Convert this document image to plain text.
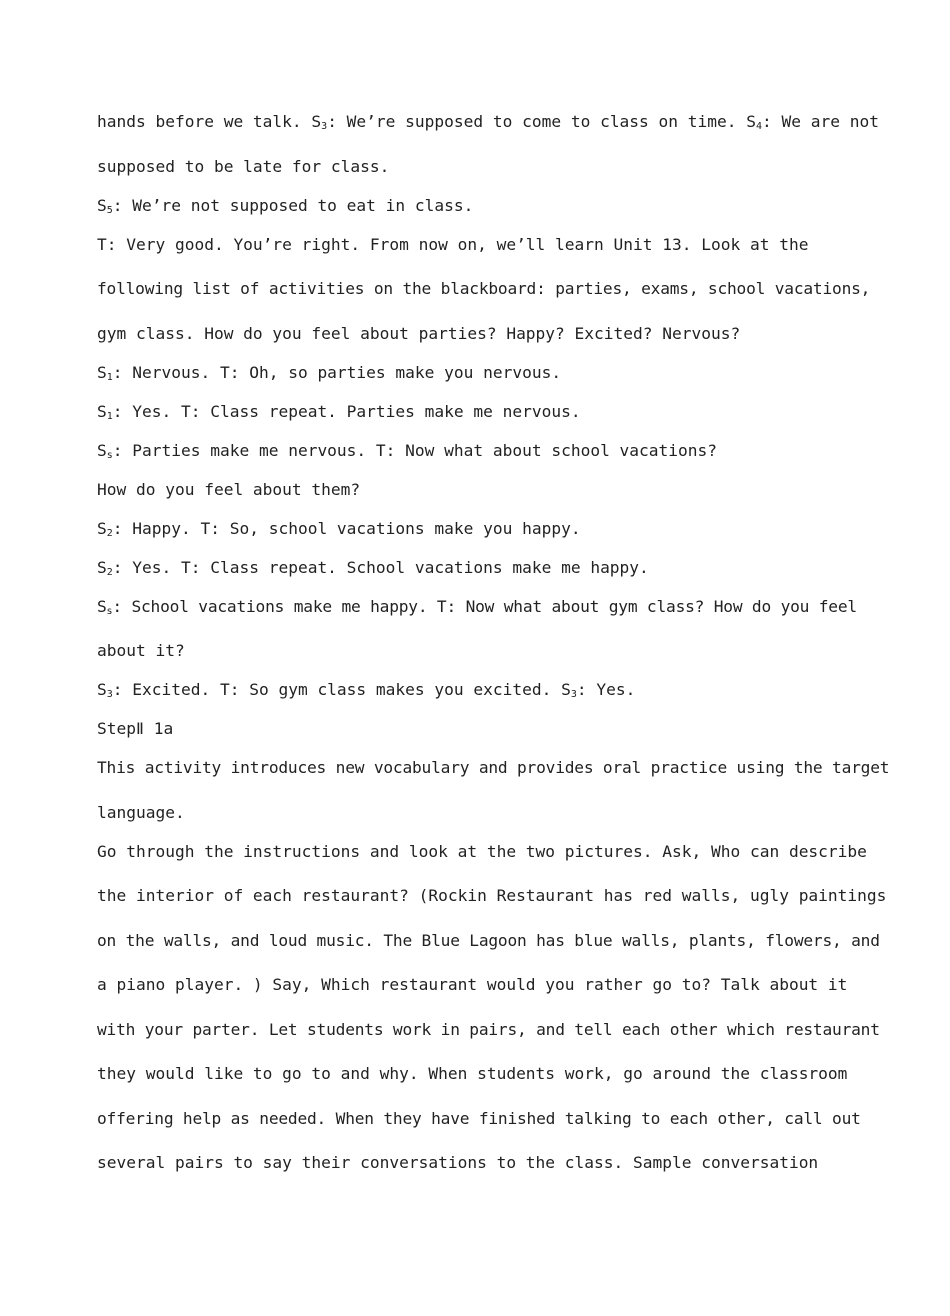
hands before we talk. $S_3$: We’re supposed to come to class on time. $S_4$: We are not
supposed to be late for class.
$S_5$: We’re not supposed to eat in class.
T: Very good. You’re right. From now on, we’ll learn Unit 13. Look at the
following list of activities on the blackboard: parties, exams, school vacations,
gym class. How do you feel about parties? Happy? Excited? Nervous?
$S_1$: Nervous. T: Oh, so parties make you nervous.
$S_1$: Yes. T: Class repeat. Parties make me nervous.
$S_s$: Parties make me nervous. T: Now what about school vacations?
How do you feel about them?
$S_2$: Happy. T: So, school vacations make you happy.
$S_2$: Yes. T: Class repeat. School vacations make me happy.
$S_s$: School vacations make me happy. T: Now what about gym class? How do you feel
about it?
$S_3$: Excited. T: So gym class makes you excited. $S_3$: Yes.
StepⅡ 1a
This activity introduces new vocabulary and provides oral practice using the target
language.
Go through the instructions and look at the two pictures. Ask, Who can describe
the interior of each restaurant? (Rockin Restaurant has red walls, ugly paintings
on the walls, and loud music. The Blue Lagoon has blue walls, plants, flowers, and
a piano player. ) Say, Which restaurant would you rather go to? Talk about it
with your parter. Let students work in pairs, and tell each other which restaurant
they would like to go to and why. When students work, go around the classroom
offering help as needed. When they have finished talking to each other, call out
several pairs to say their conversations to the class. Sample conversation
